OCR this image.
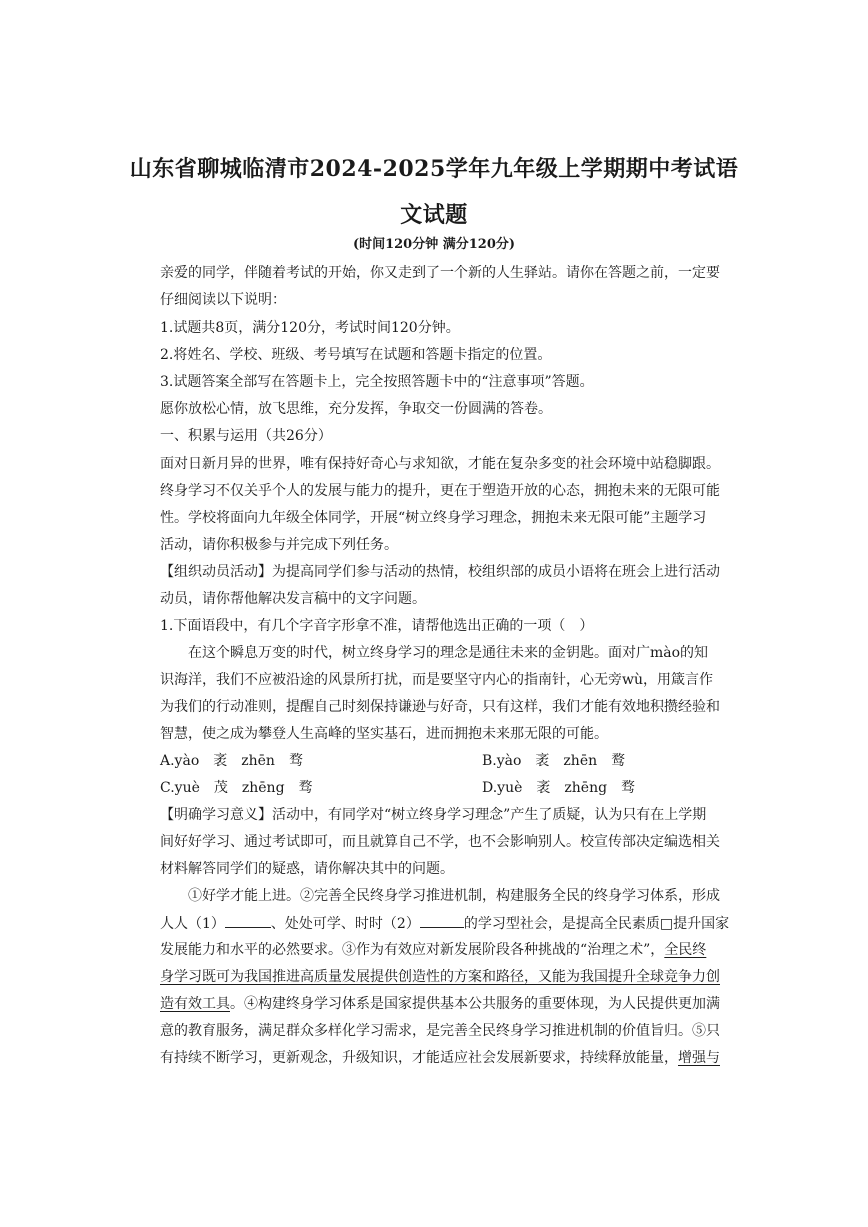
山东省聊城临清市2024-2025学年九年级上学期期中考试语
文试题
(时间120分钟 满分120分)
亲爱的同学，伴随着考试的开始，你又走到了一个新的人生驿站。请你在答题之前，一定要
仔细阅读以下说明：
1.试题共8页，满分120分，考试时间120分钟。
2.将姓名、学校、班级、考号填写在试题和答题卡指定的位置。
3.试题答案全部写在答题卡上，完全按照答题卡中的“注意事项”答题。
愿你放松心情，放飞思维，充分发挥，争取交一份圆满的答卷。
一、积累与运用（共26分）
面对日新月异的世界，唯有保持好奇心与求知欲，才能在复杂多变的社会环境中站稳脚跟。
终身学习不仅关乎个人的发展与能力的提升，更在于塑造开放的心态，拥抱未来的无限可能
性。学校将面向九年级全体同学，开展“树立终身学习理念，拥抱未来无限可能”主题学习
活动，请你积极参与并完成下列任务。
【组织动员活动】为提高同学们参与活动的热情，校组织部的成员小语将在班会上进行活动
动员，请你帮他解决发言稿中的文字问题。
1.下面语段中，有几个字音字形拿不准，请帮他选出正确的一项（　）
在这个瞬息万变的时代，树立终身学习的理念是通往未来的金钥匙。面对广mào的知
识海洋，我们不应被沿途的风景所打扰，而是要坚守内心的指南针，心无旁wù，用箴言作
为我们的行动准则，提醒自己时刻保持谦逊与好奇，只有这样，我们才能有效地积攒经验和
智慧，使之成为攀登人生高峰的坚实基石，进而拥抱未来那无限的可能。
A.yào　袤　zhēn　骛	B.yào　袤　zhēn　鹜
C.yuè　茂　zhēng　骛	D.yuè　袤　zhēng　骛
【明确学习意义】活动中，有同学对“树立终身学习理念”产生了质疑，认为只有在上学期
间好好学习、通过考试即可，而且就算自己不学，也不会影响别人。校宣传部决定编选相关
材料解答同学们的疑惑，请你解决其中的问题。
①好学才能上进。②完善全民终身学习推进机制，构建服务全民的终身学习体系，形成
人人（1）	、处处可学、时时（2）	的学习型社会，是提高全民素质□提升国家
发展能力和水平的必然要求。③作为有效应对新发展阶段各种挑战的“治理之术”，全民终
身学习既可为我国推进高质量发展提供创造性的方案和路径，又能为我国提升全球竞争力创
造有效工具。④构建终身学习体系是国家提供基本公共服务的重要体现，为人民提供更加满
意的教育服务，满足群众多样化学习需求，是完善全民终身学习推进机制的价值旨归。⑤只
有持续不断学习，更新观念，升级知识，才能适应社会发展新要求，持续释放能量，增强与
